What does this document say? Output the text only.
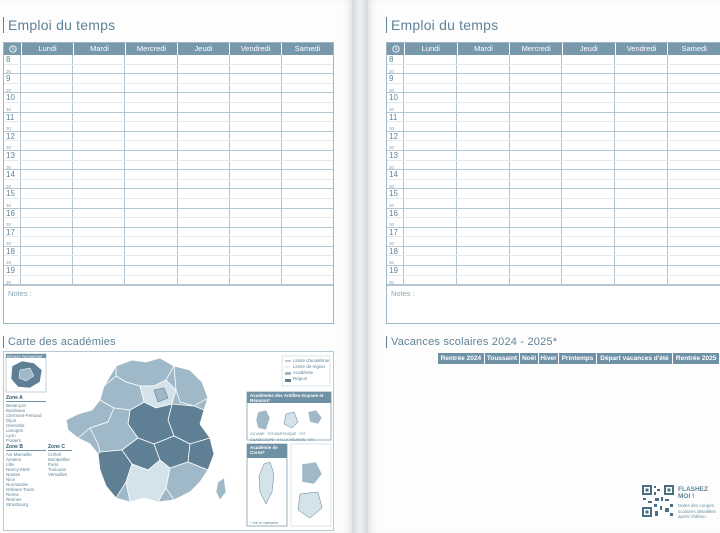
Emploi du temps
Lundi	Mardi	Mercredi	Jeudi	Vendredi	Samedi
8
30
9
30
10
30
11
30
12
30
13
30
14
30
15
30
16
30
17
30
18
30
19
30
Notes :
Emploi du temps
Lundi	Mardi	Mercredi	Jeudi	Vendredi	Samedi
8
30
9
30
10
30
11
30
12
30
13
30
14
30
15
30
16
30
17
30
18
30
19
30
Notes :
Carte des académies
RÉGION PARISIENNE
Zone A
Besançon
Bordeaux
Clermont-Ferrand
Dijon
Grenoble
Limoges
Lyon
Poitiers
Zone B
Aix-Marseille
Amiens
Lille
Nancy-Metz
Nantes
Nice
Normandie
Orléans-Tours
Reims
Rennes
Strasbourg
Zone C
Créteil
Montpellier
Paris
Toulouse
Versailles
Limite d'académie
Limite de région
Académie
Région
Académies des Antilles-Guyane et Réunion*
GUYANE · 973 MARTINIQUE · 972 GUADELOUPE · 971 LA RÉUNION · 974
Académie de Corse*
* Voir le calendrier
Vacances scolaires 2024 - 2025*
	Rentrée 2024	Toussaint	Noël	Hiver	Printemps	Départ vacances d'été	Rentrée 2025
FLASHEZ MOI !
Dates des congés scolaires détaillées après l'édition.
